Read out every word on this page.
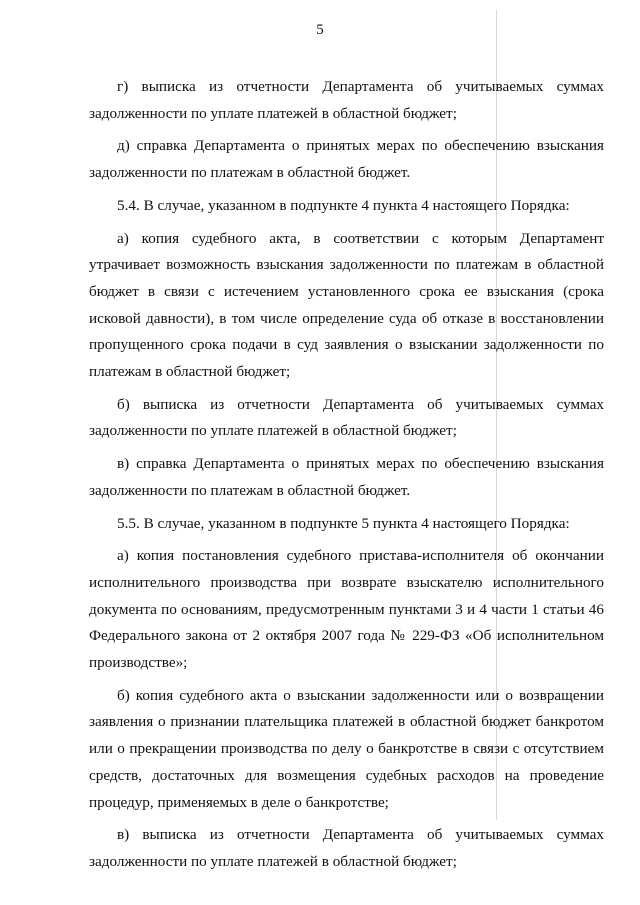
5

г) выписка из отчетности Департамента об учитываемых суммах задолженности по уплате платежей в областной бюджет;

д) справка Департамента о принятых мерах по обеспечению взыскания задолженности по платежам в областной бюджет.

5.4. В случае, указанном в подпункте 4 пункта 4 настоящего Порядка:

а) копия судебного акта, в соответствии с которым Департамент утрачивает возможность взыскания задолженности по платежам в областной бюджет в связи с истечением установленного срока ее взыскания (срока исковой давности), в том числе определение суда об отказе в восстановлении пропущенного срока подачи в суд заявления о взыскании задолженности по платежам в областной бюджет;

б) выписка из отчетности Департамента об учитываемых суммах задолженности по уплате платежей в областной бюджет;

в) справка Департамента о принятых мерах по обеспечению взыскания задолженности по платежам в областной бюджет.

5.5. В случае, указанном в подпункте 5 пункта 4 настоящего Порядка:

а) копия постановления судебного пристава-исполнителя об окончании исполнительного производства при возврате взыскателю исполнительного документа по основаниям, предусмотренным пунктами 3 и 4 части 1 статьи 46 Федерального закона от 2 октября 2007 года № 229-ФЗ «Об исполнительном производстве»;

б) копия судебного акта о взыскании задолженности или о возвращении заявления о признании плательщика платежей в областной бюджет банкротом или о прекращении производства по делу о банкротстве в связи с отсутствием средств, достаточных для возмещения судебных расходов на проведение процедур, применяемых в деле о банкротстве;

в) выписка из отчетности Департамента об учитываемых суммах задолженности по уплате платежей в областной бюджет;
